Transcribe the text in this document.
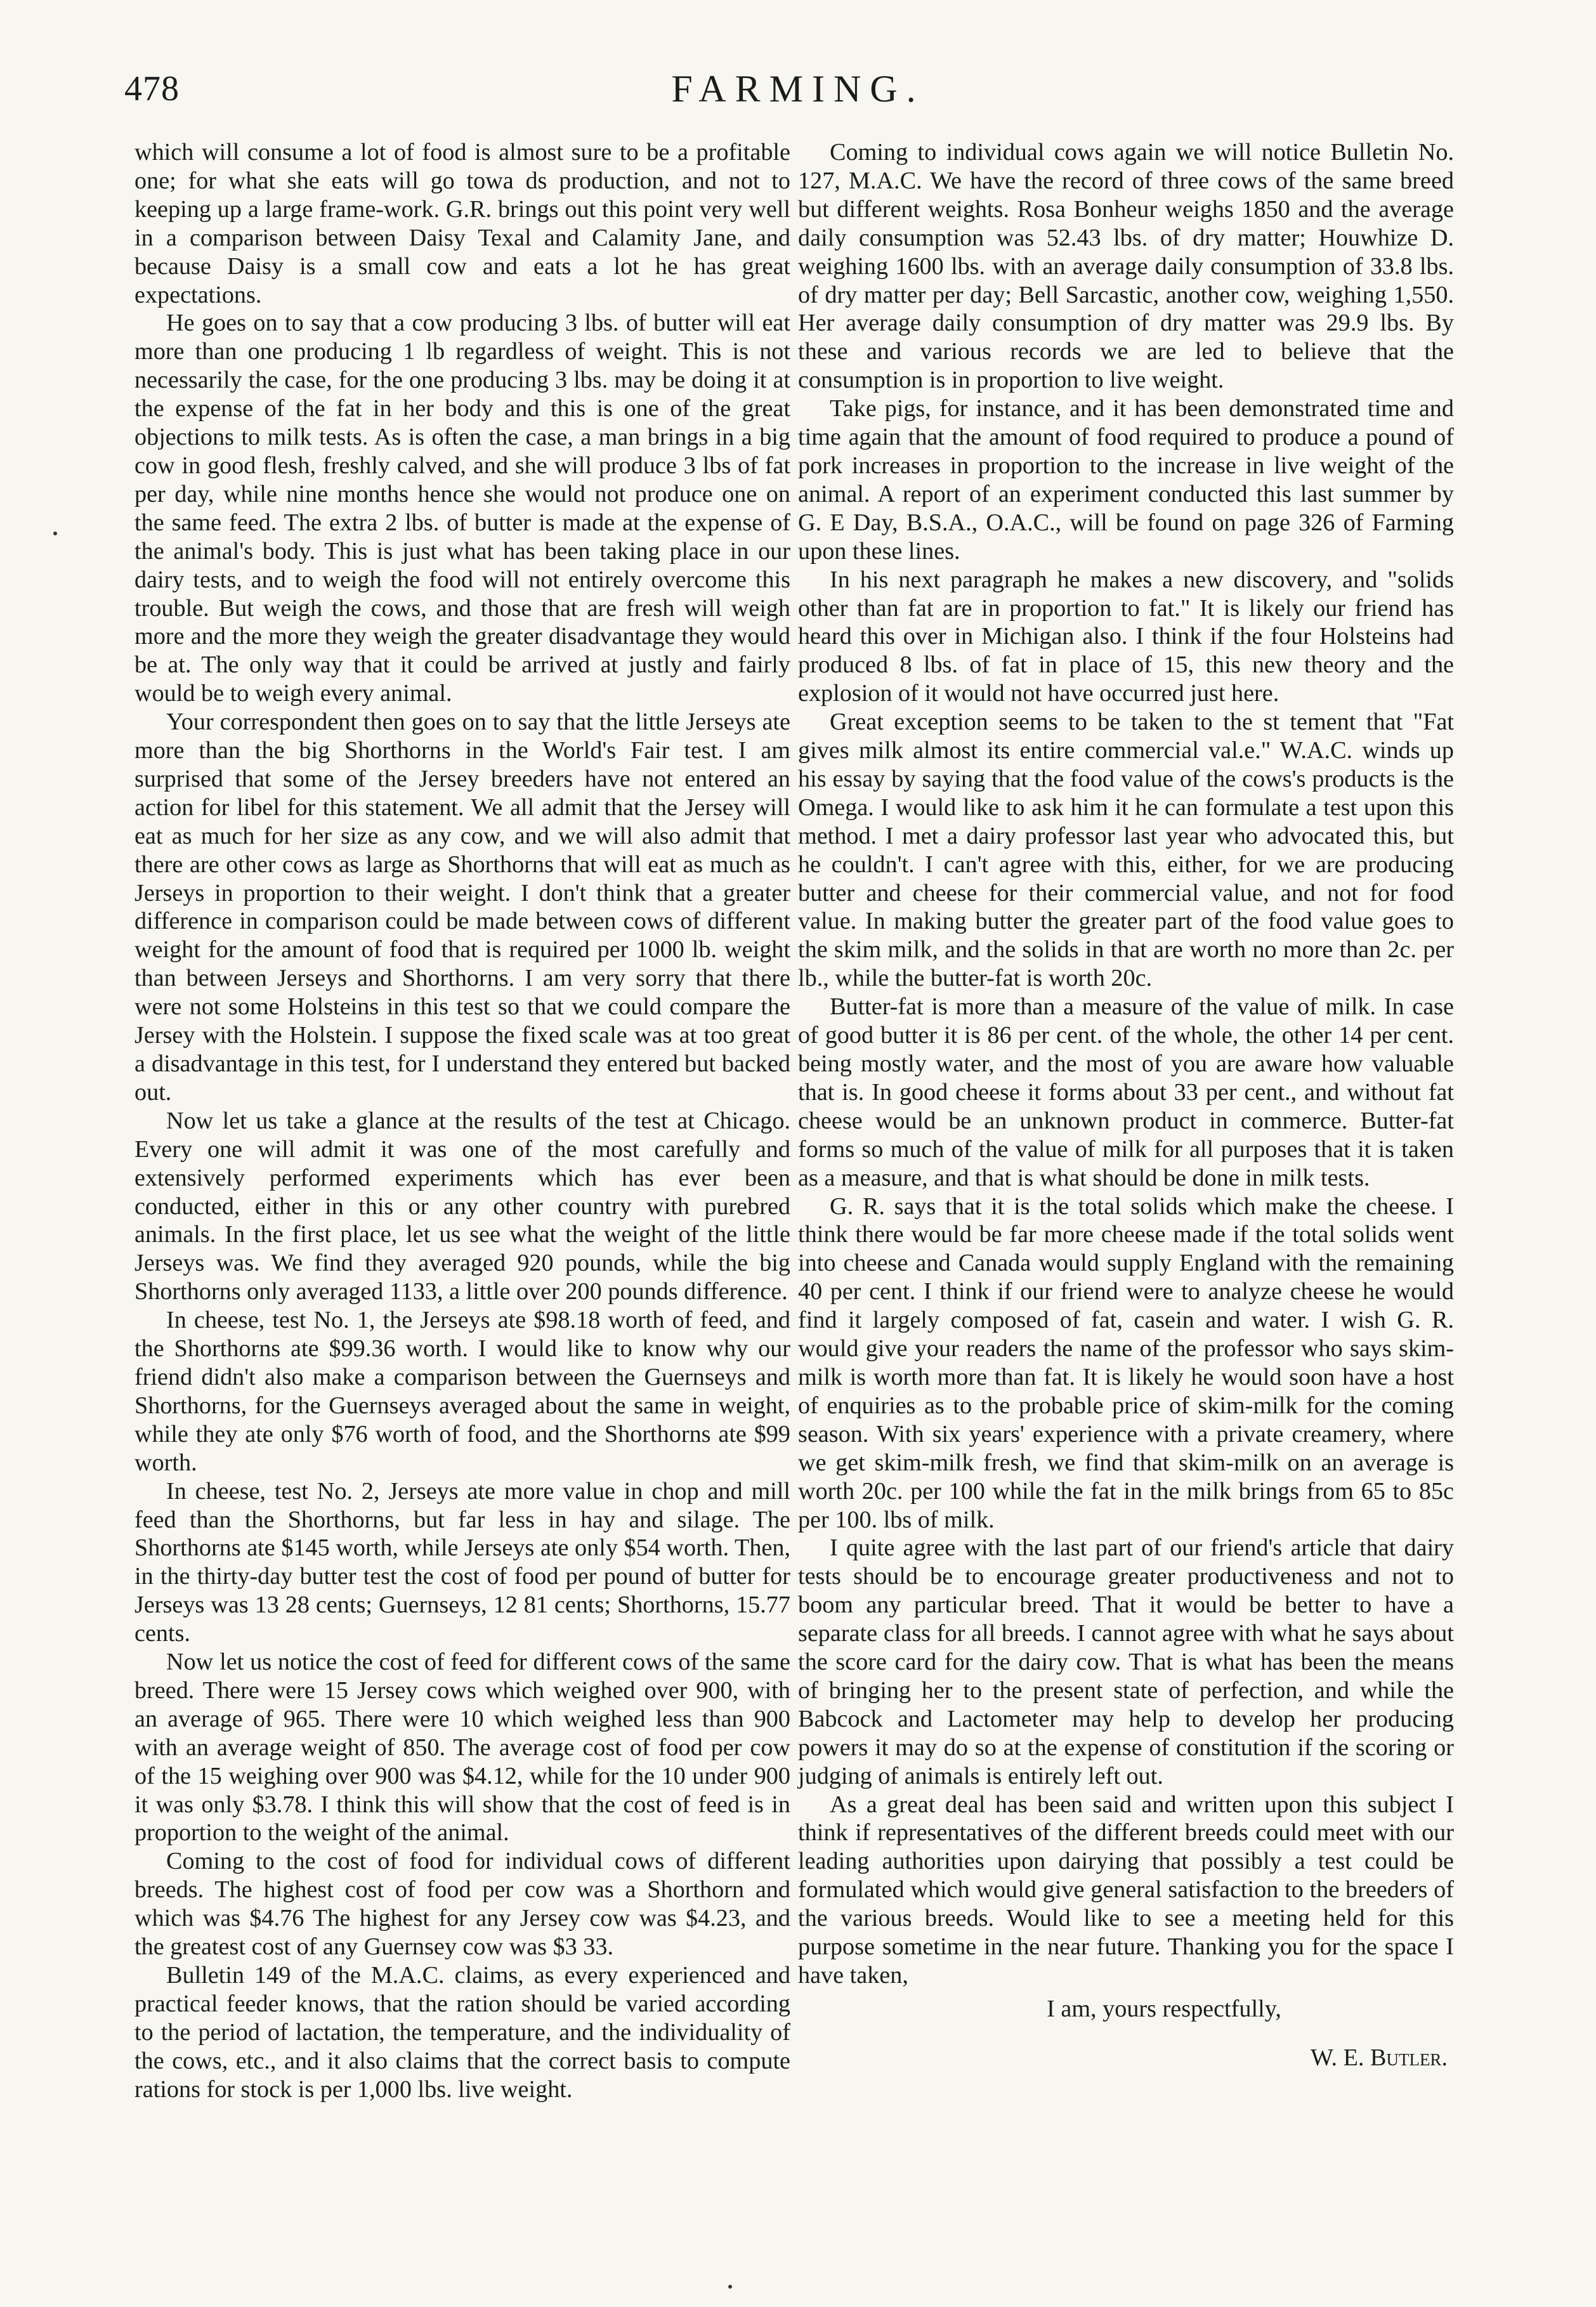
478	FARMING.

which will consume a lot of food is almost sure to be a profitable one; for what she eats will go towa ds production, and not to keeping up a large frame-work. G.R. brings out this point very well in a comparison between Daisy Texal and Calamity Jane, and because Daisy is a small cow and eats a lot he has great expectations.

He goes on to say that a cow producing 3 lbs. of butter will eat more than one producing 1 lb regardless of weight. This is not necessarily the case, for the one producing 3 lbs. may be doing it at the expense of the fat in her body and this is one of the great objections to milk tests. As is often the case, a man brings in a big cow in good flesh, freshly calved, and she will produce 3 lbs of fat per day, while nine months hence she would not produce one on the same feed. The extra 2 lbs. of butter is made at the expense of the animal's body. This is just what has been taking place in our dairy tests, and to weigh the food will not entirely overcome this trouble. But weigh the cows, and those that are fresh will weigh more and the more they weigh the greater disadvantage they would be at. The only way that it could be arrived at justly and fairly would be to weigh every animal.

Your correspondent then goes on to say that the little Jerseys ate more than the big Shorthorns in the World's Fair test. I am surprised that some of the Jersey breeders have not entered an action for libel for this statement. We all admit that the Jersey will eat as much for her size as any cow, and we will also admit that there are other cows as large as Shorthorns that will eat as much as Jerseys in proportion to their weight. I don't think that a greater difference in comparison could be made between cows of different weight for the amount of food that is required per 1000 lb. weight than between Jerseys and Shorthorns. I am very sorry that there were not some Holsteins in this test so that we could compare the Jersey with the Holstein. I suppose the fixed scale was at too great a disadvantage in this test, for I understand they entered but backed out.

Now let us take a glance at the results of the test at Chicago. Every one will admit it was one of the most carefully and extensively performed experiments which has ever been conducted, either in this or any other country with purebred animals. In the first place, let us see what the weight of the little Jerseys was. We find they averaged 920 pounds, while the big Shorthorns only averaged 1133, a little over 200 pounds difference.

In cheese, test No. 1, the Jerseys ate $98.18 worth of feed, and the Shorthorns ate $99.36 worth. I would like to know why our friend didn't also make a comparison between the Guernseys and Shorthorns, for the Guernseys averaged about the same in weight, while they ate only $76 worth of food, and the Shorthorns ate $99 worth.

In cheese, test No. 2, Jerseys ate more value in chop and mill feed than the Shorthorns, but far less in hay and silage. The Shorthorns ate $145 worth, while Jerseys ate only $54 worth. Then, in the thirty-day butter test the cost of food per pound of butter for Jerseys was 13 28 cents; Guernseys, 12 81 cents; Shorthorns, 15.77 cents.

Now let us notice the cost of feed for different cows of the same breed. There were 15 Jersey cows which weighed over 900, with an average of 965. There were 10 which weighed less than 900 with an average weight of 850. The average cost of food per cow of the 15 weighing over 900 was $4.12, while for the 10 under 900 it was only $3.78. I think this will show that the cost of feed is in proportion to the weight of the animal.

Coming to the cost of food for individual cows of different breeds. The highest cost of food per cow was a Shorthorn and which was $4.76 The highest for any Jersey cow was $4.23, and the greatest cost of any Guernsey cow was $3 33.

Bulletin 149 of the M.A.C. claims, as every experienced and practical feeder knows, that the ration should be varied according to the period of lactation, the temperature, and the individuality of the cows, etc., and it also claims that the correct basis to compute rations for stock is per 1,000 lbs. live weight.

Coming to individual cows again we will notice Bulletin No. 127, M.A.C. We have the record of three cows of the same breed but different weights. Rosa Bonheur weighs 1850 and the average daily consumption was 52.43 lbs. of dry matter; Houwhize D. weighing 1600 lbs. with an average daily consumption of 33.8 lbs. of dry matter per day; Bell Sarcastic, another cow, weighing 1,550. Her average daily consumption of dry matter was 29.9 lbs. By these and various records we are led to believe that the consumption is in proportion to live weight.

Take pigs, for instance, and it has been demonstrated time and time again that the amount of food required to produce a pound of pork increases in proportion to the increase in live weight of the animal. A report of an experiment conducted this last summer by G. E Day, B.S.A., O.A.C., will be found on page 326 of Farming upon these lines.

In his next paragraph he makes a new discovery, and "solids other than fat are in proportion to fat." It is likely our friend has heard this over in Michigan also. I think if the four Holsteins had produced 8 lbs. of fat in place of 15, this new theory and the explosion of it would not have occurred just here.

Great exception seems to be taken to the st tement that "Fat gives milk almost its entire commercial val.e." W.A.C. winds up his essay by saying that the food value of the cows's products is the Omega. I would like to ask him it he can formulate a test upon this method. I met a dairy professor last year who advocated this, but he couldn't. I can't agree with this, either, for we are producing butter and cheese for their commercial value, and not for food value. In making butter the greater part of the food value goes to the skim milk, and the solids in that are worth no more than 2c. per lb., while the butter-fat is worth 20c.

Butter-fat is more than a measure of the value of milk. In case of good butter it is 86 per cent. of the whole, the other 14 per cent. being mostly water, and the most of you are aware how valuable that is. In good cheese it forms about 33 per cent., and without fat cheese would be an unknown product in commerce. Butter-fat forms so much of the value of milk for all purposes that it is taken as a measure, and that is what should be done in milk tests.

G. R. says that it is the total solids which make the cheese. I think there would be far more cheese made if the total solids went into cheese and Canada would supply England with the remaining 40 per cent. I think if our friend were to analyze cheese he would find it largely composed of fat, casein and water. I wish G. R. would give your readers the name of the professor who says skim-milk is worth more than fat. It is likely he would soon have a host of enquiries as to the probable price of skim-milk for the coming season. With six years' experience with a private creamery, where we get skim-milk fresh, we find that skim-milk on an average is worth 20c. per 100 while the fat in the milk brings from 65 to 85c per 100. lbs of milk.

I quite agree with the last part of our friend's article that dairy tests should be to encourage greater productiveness and not to boom any particular breed. That it would be better to have a separate class for all breeds. I cannot agree with what he says about the score card for the dairy cow. That is what has been the means of bringing her to the present state of perfection, and while the Babcock and Lactometer may help to develop her producing powers it may do so at the expense of constitution if the scoring or judging of animals is entirely left out.

As a great deal has been said and written upon this subject I think if representatives of the different breeds could meet with our leading authorities upon dairying that possibly a test could be formulated which would give general satisfaction to the breeders of the various breeds. Would like to see a meeting held for this purpose sometime in the near future. Thanking you for the space I have taken,

I am, yours respectfully,

W. E. Butler.
